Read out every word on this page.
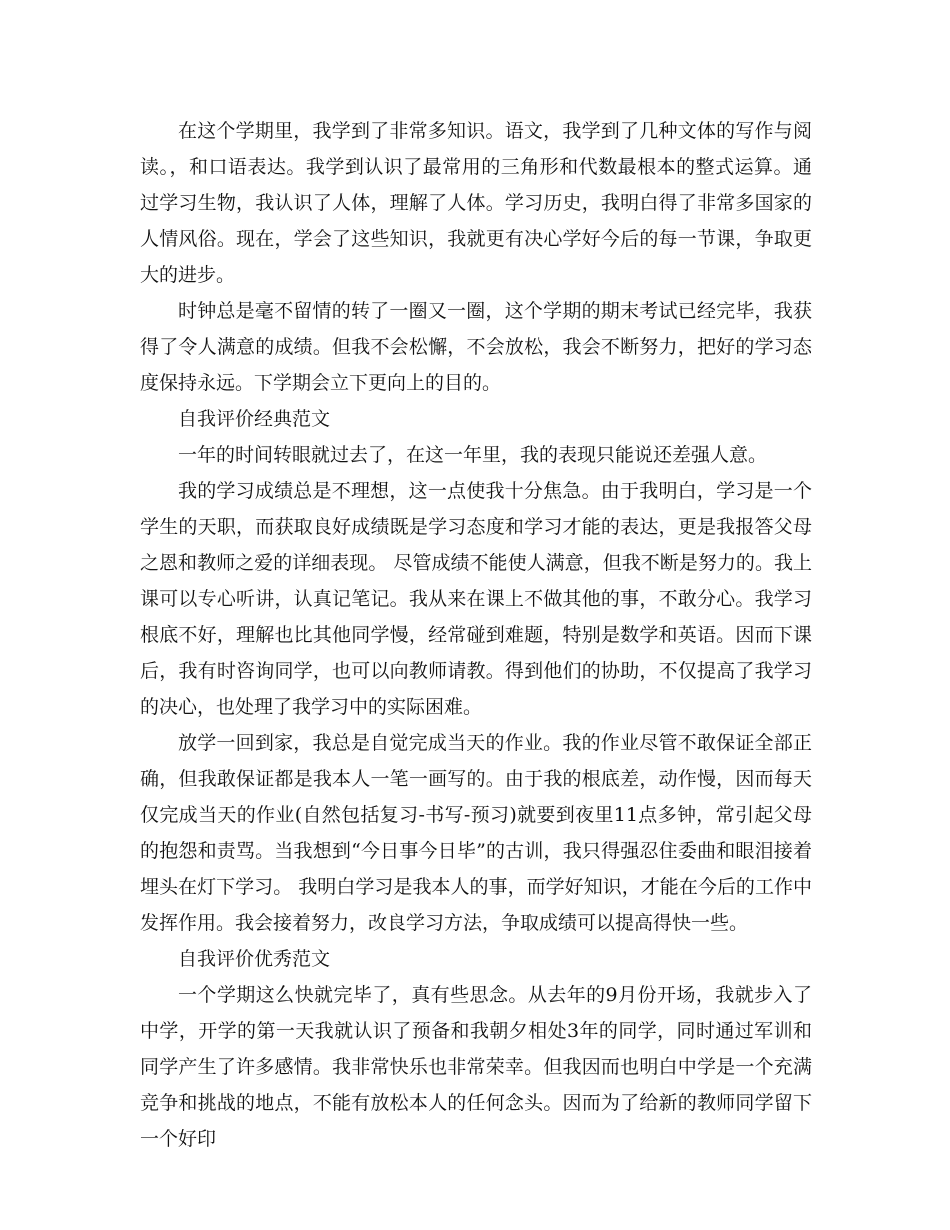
在这个学期里，我学到了非常多知识。语文，我学到了几种文体的写作与阅读。，和口语表达。我学到认识了最常用的三角形和代数最根本的整式运算。通过学习生物，我认识了人体，理解了人体。学习历史，我明白得了非常多国家的人情风俗。现在，学会了这些知识，我就更有决心学好今后的每一节课，争取更大的进步。

时钟总是毫不留情的转了一圈又一圈，这个学期的期末考试已经完毕，我获得了令人满意的成绩。但我不会松懈，不会放松，我会不断努力，把好的学习态度保持永远。下学期会立下更向上的目的。

自我评价经典范文

一年的时间转眼就过去了，在这一年里，我的表现只能说还差强人意。

我的学习成绩总是不理想，这一点使我十分焦急。由于我明白，学习是一个学生的天职，而获取良好成绩既是学习态度和学习才能的表达，更是我报答父母之恩和教师之爱的详细表现。 尽管成绩不能使人满意，但我不断是努力的。我上课可以专心听讲，认真记笔记。我从来在课上不做其他的事，不敢分心。我学习根底不好，理解也比其他同学慢，经常碰到难题，特别是数学和英语。因而下课后，我有时咨询同学，也可以向教师请教。得到他们的协助，不仅提高了我学习的决心，也处理了我学习中的实际困难。

放学一回到家，我总是自觉完成当天的作业。我的作业尽管不敢保证全部正确，但我敢保证都是我本人一笔一画写的。由于我的根底差，动作慢，因而每天仅完成当天的作业(自然包括复习-书写-预习)就要到夜里11点多钟，常引起父母的抱怨和责骂。当我想到“今日事今日毕”的古训，我只得强忍住委曲和眼泪接着埋头在灯下学习。 我明白学习是我本人的事，而学好知识，才能在今后的工作中发挥作用。我会接着努力，改良学习方法，争取成绩可以提高得快一些。

自我评价优秀范文

一个学期这么快就完毕了，真有些思念。从去年的9月份开场，我就步入了中学，开学的第一天我就认识了预备和我朝夕相处3年的同学，同时通过军训和同学产生了许多感情。我非常快乐也非常荣幸。但我因而也明白中学是一个充满竞争和挑战的地点，不能有放松本人的任何念头。因而为了给新的教师同学留下一个好印
